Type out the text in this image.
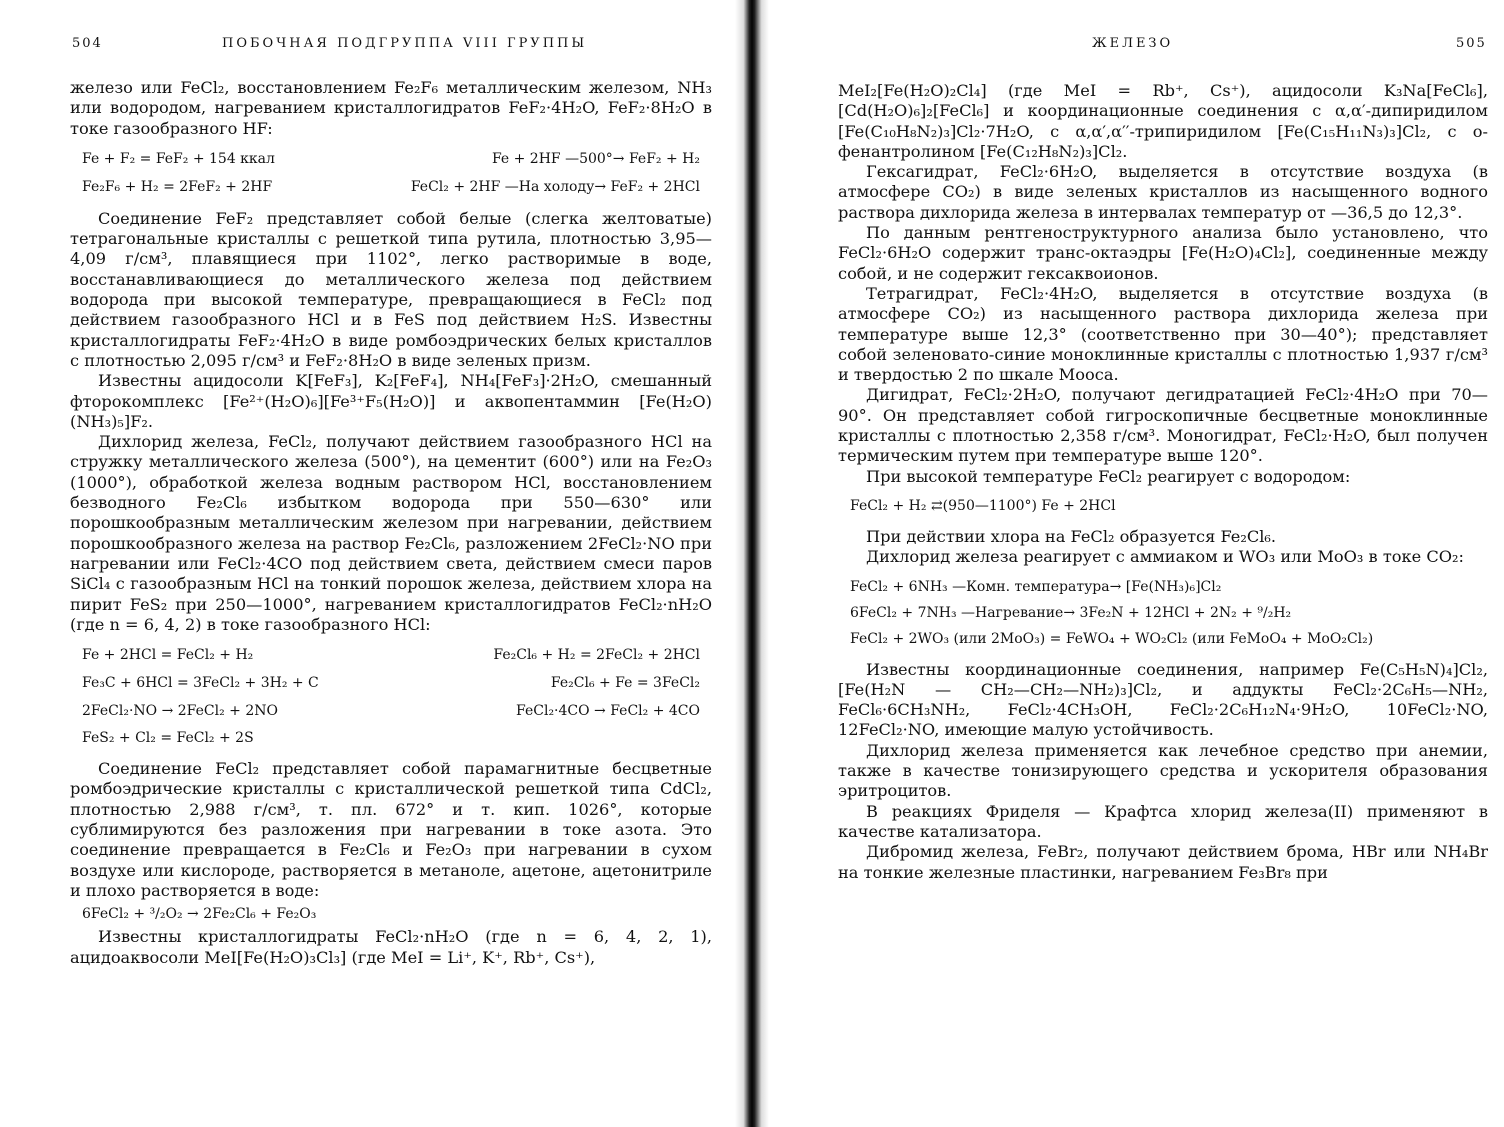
504	ПОБОЧНАЯ ПОДГРУППА VIII ГРУППЫ

железо или FeCl₂, восстановлением Fe₂F₆ металлическим железом, NH₃ или водородом, нагреванием кристаллогидратов FeF₂·4H₂O, FeF₂·8H₂O в токе газообразного HF:

Fe + F₂ = FeF₂ + 154 ккал	Fe + 2HF —500°→ FeF₂ + H₂
Fe₂F₆ + H₂ = 2FeF₂ + 2HF	FeCl₂ + 2HF —На холоду→ FeF₂ + 2HCl

Соединение FeF₂ представляет собой белые (слегка желтоватые) тетрагональные кристаллы с решеткой типа рутила, плотностью 3,95—4,09 г/см³, плавящиеся при 1102°, легко растворимые в воде, восстанавливающиеся до металлического железа под действием водорода при высокой температуре, превращающиеся в FeCl₂ под действием газообразного HCl и в FeS под действием H₂S. Известны кристаллогидраты FeF₂·4H₂O в виде ромбоэдрических белых кристаллов с плотностью 2,095 г/см³ и FeF₂·8H₂O в виде зеленых призм.

Известны ацидосоли K[FeF₃], K₂[FeF₄], NH₄[FeF₃]·2H₂O, смешанный фторокомплекс [Fe²⁺(H₂O)₆][Fe³⁺F₅(H₂O)] и аквопентаммин [Fe(H₂O)(NH₃)₅]F₂.

Дихлорид железа, FeCl₂, получают действием газообразного HCl на стружку металлического железа (500°), на цементит (600°) или на Fe₂O₃ (1000°), обработкой железа водным раствором HCl, восстановлением безводного Fe₂Cl₆ избытком водорода при 550—630° или порошкообразным металлическим железом при нагревании, действием порошкообразного железа на раствор Fe₂Cl₆, разложением 2FeCl₂·NO при нагревании или FeCl₂·4CO под действием света, действием смеси паров SiCl₄ с газообразным HCl на тонкий порошок железа, действием хлора на пирит FeS₂ при 250—1000°, нагреванием кристаллогидратов FeCl₂·nH₂O (где n = 6, 4, 2) в токе газообразного HCl:

Fe + 2HCl = FeCl₂ + H₂	Fe₂Cl₆ + H₂ = 2FeCl₂ + 2HCl
Fe₃C + 6HCl = 3FeCl₂ + 3H₂ + C	Fe₂Cl₆ + Fe = 3FeCl₂
2FeCl₂·NO → 2FeCl₂ + 2NO	FeCl₂·4CO → FeCl₂ + 4CO
FeS₂ + Cl₂ = FeCl₂ + 2S

Соединение FeCl₂ представляет собой парамагнитные бесцветные ромбоэдрические кристаллы с кристаллической решеткой типа CdCl₂, плотностью 2,988 г/см³, т. пл. 672° и т. кип. 1026°, которые сублимируются без разложения при нагревании в токе азота. Это соединение превращается в Fe₂Cl₆ и Fe₂O₃ при нагревании в сухом воздухе или кислороде, растворяется в метаноле, ацетоне, ацетонитриле и плохо растворяется в воде:

6FeCl₂ + ³/₂O₂ → 2Fe₂Cl₆ + Fe₂O₃

Известны кристаллогидраты FeCl₂·nH₂O (где n = 6, 4, 2, 1), ацидоаквосоли MeI[Fe(H₂O)₃Cl₃] (где MeI = Li⁺, K⁺, Rb⁺, Cs⁺),

ЖЕЛЕЗО	505

MeI₂[Fe(H₂O)₂Cl₄] (где MeI = Rb⁺, Cs⁺), ацидосоли K₃Na[FeCl₆], [Cd(H₂O)₆]₂[FeCl₆] и координационные соединения с α,α′-дипиридилом [Fe(C₁₀H₈N₂)₃]Cl₂·7H₂O, с α,α′,α′′-трипиридилом [Fe(C₁₅H₁₁N₃)₃]Cl₂, с o-фенантролином [Fe(C₁₂H₈N₂)₃]Cl₂.

Гексагидрат, FeCl₂·6H₂O, выделяется в отсутствие воздуха (в атмосфере CO₂) в виде зеленых кристаллов из насыщенного водного раствора дихлорида железа в интервалах температур от —36,5 до 12,3°.

По данным рентгеноструктурного анализа было установлено, что FeCl₂·6H₂O содержит транс-октаэдры [Fe(H₂O)₄Cl₂], соединенные между собой, и не содержит гексаквоионов.

Тетрагидрат, FeCl₂·4H₂O, выделяется в отсутствие воздуха (в атмосфере CO₂) из насыщенного раствора дихлорида железа при температуре выше 12,3° (соответственно при 30—40°); представляет собой зеленовато-синие моноклинные кристаллы с плотностью 1,937 г/см³ и твердостью 2 по шкале Мооса.

Дигидрат, FeCl₂·2H₂O, получают дегидратацией FeCl₂·4H₂O при 70—90°. Он представляет собой гигроскопичные бесцветные моноклинные кристаллы с плотностью 2,358 г/см³. Моногидрат, FeCl₂·H₂O, был получен термическим путем при температуре выше 120°.

При высокой температуре FeCl₂ реагирует с водородом:

FeCl₂ + H₂ ⇄(950—1100°) Fe + 2HCl

При действии хлора на FeCl₂ образуется Fe₂Cl₆.

Дихлорид железа реагирует с аммиаком и WO₃ или MoO₃ в токе CO₂:

FeCl₂ + 6NH₃ —Комн. температура→ [Fe(NH₃)₆]Cl₂
6FeCl₂ + 7NH₃ —Нагревание→ 3Fe₂N + 12HCl + 2N₂ + ⁹/₂H₂
FeCl₂ + 2WO₃ (или 2MoO₃) = FeWO₄ + WO₂Cl₂ (или FeMoO₄ + MoO₂Cl₂)

Известны координационные соединения, например Fe(C₅H₅N)₄]Cl₂, [Fe(H₂N — CH₂—CH₂—NH₂)₃]Cl₂, и аддукты FeCl₂·2C₆H₅—NH₂, FeCl₆·6CH₃NH₂, FeCl₂·4CH₃OH, FeCl₂·2C₆H₁₂N₄·9H₂O, 10FeCl₂·NO, 12FeCl₂·NO, имеющие малую устойчивость.

Дихлорид железа применяется как лечебное средство при анемии, также в качестве тонизирующего средства и ускорителя образования эритроцитов.

В реакциях Фриделя — Крафтса хлорид железа(II) применяют в качестве катализатора.

Дибромид железа, FeBr₂, получают действием брома, HBr или NH₄Br на тонкие железные пластинки, нагреванием Fe₃Br₈ при
